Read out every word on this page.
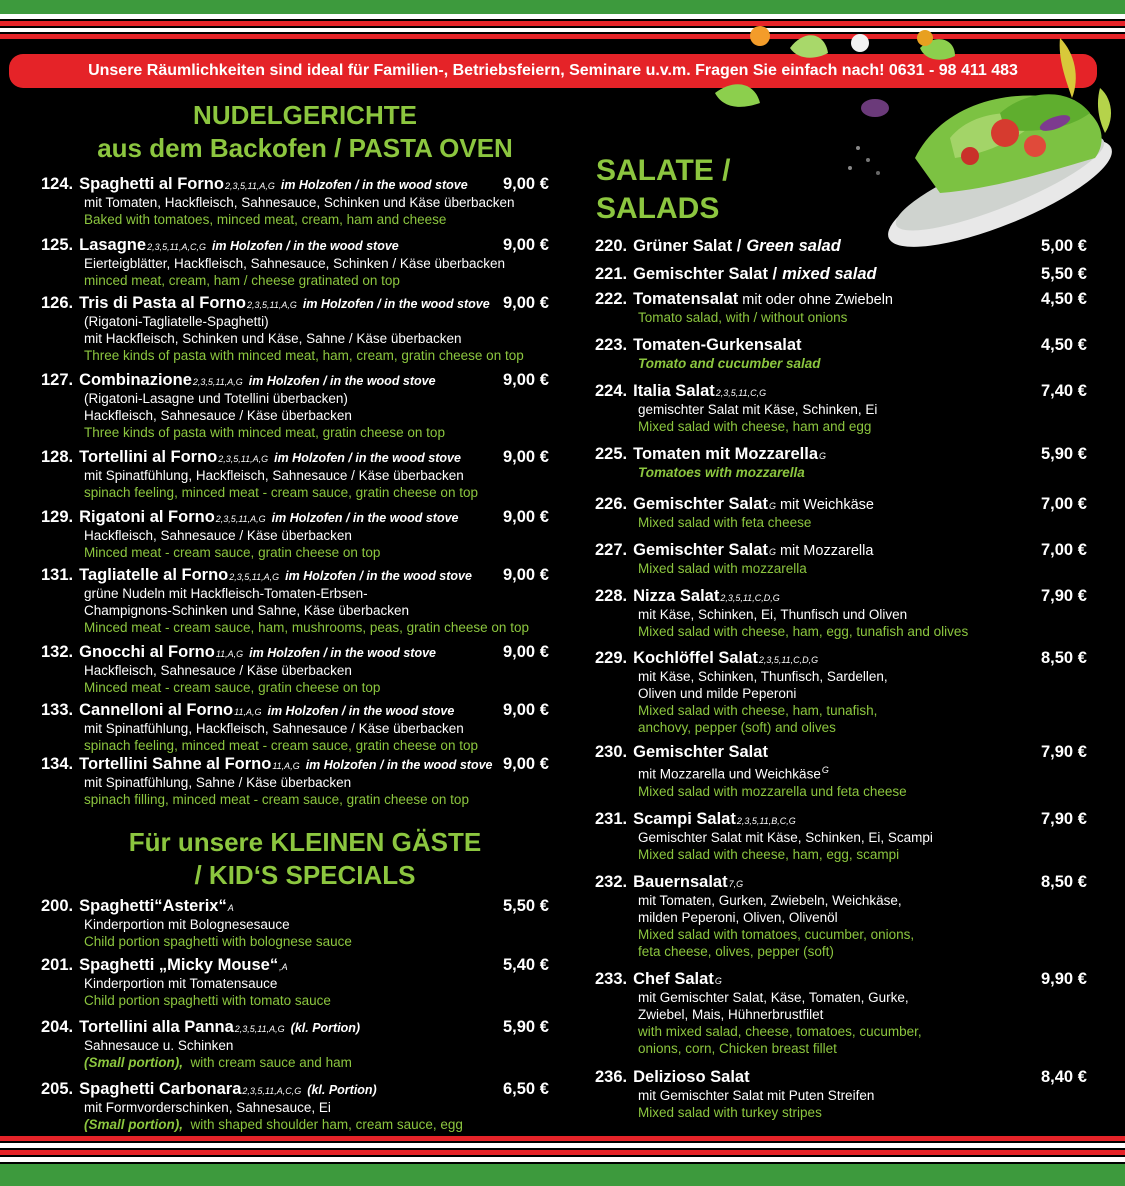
Unsere Räumlichkeiten sind ideal für Familien-, Betriebsfeiern, Seminare u.v.m. Fragen Sie einfach nach! 0631 - 98 411 483
NUDELGERICHTE
aus dem Backofen / PASTA OVEN
Für unsere KLEINEN GÄSTE
/ KID‘S SPECIALS
SALATE /
SALADS
124. Spaghetti al Forno 2,3,5,11,A,G im Holzofen / in the wood stove 9,00 €
mit Tomaten, Hackfleisch, Sahnesauce, Schinken und Käse überbacken
Baked with tomatoes, minced meat, cream, ham and cheese
125. Lasagne 2,3,5,11,A,C,G im Holzofen / in the wood stove	9,00 €
Eierteigblätter, Hackfleisch, Sahnesauce, Schinken / Käse überbacken
minced meat, cream, ham / cheese gratinated on top
126. Tris di Pasta al Forno 2,3,5,11,A,G im Holzofen / in the wood stove 9,00 €
(Rigatoni-Tagliatelle-Spaghetti)
mit Hackfleisch, Schinken und Käse, Sahne / Käse überbacken
Three kinds of pasta with minced meat, ham, cream, gratin cheese on top
127. Combinazione 2,3,5,11,A,G im Holzofen / in the wood stove	9,00 €
(Rigatoni-Lasagne und Totellini überbacken)
Hackfleisch, Sahnesauce / Käse überbacken
Three kinds of pasta with minced meat, gratin cheese on top
128. Tortellini al Forno 2,3,5,11,A,G im Holzofen / in the wood stove	9,00 €
mit Spinatfühlung, Hackfleisch, Sahnesauce / Käse überbacken
spinach feeling, minced meat - cream sauce, gratin cheese on top
129. Rigatoni al Forno 2,3,5,11,A,G im Holzofen / in the wood stove	9,00 €
Hackfleisch, Sahnesauce / Käse überbacken
Minced meat - cream sauce, gratin cheese on top
131. Tagliatelle al Forno 2,3,5,11,A,G im Holzofen / in the wood stove 9,00 €
grüne Nudeln mit Hackfleisch-Tomaten-Erbsen-
Champignons-Schinken und Sahne, Käse überbacken
Minced meat - cream sauce, ham, mushrooms, peas, gratin cheese on top
132. Gnocchi al Forno 11,A,G im Holzofen / in the wood stove	9,00 €
Hackfleisch, Sahnesauce / Käse überbacken
Minced meat - cream sauce, gratin cheese on top
133. Cannelloni al Forno 11,A,G im Holzofen / in the wood stove	9,00 €
mit Spinatfühlung, Hackfleisch, Sahnesauce / Käse überbacken
spinach feeling, minced meat - cream sauce, gratin cheese on top
134. Tortellini Sahne al Forno 11,A,G im Holzofen / in the wood stove 9,00 €
mit Spinatfühlung, Sahne / Käse überbacken
spinach filling, minced meat - cream sauce, gratin cheese on top
200. Spaghetti“Asterix“ A	5,50 €
Kinderportion mit Bolognesesauce
Child portion spaghetti with bolognese sauce
201. Spaghetti „Micky Mouse“ ,A	5,40 €
Kinderportion mit Tomatensauce
Child portion spaghetti with tomato sauce
204. Tortellini alla Panna 2,3,5,11,A,G (kl. Portion)	5,90 €
Sahnesauce u. Schinken
(Small portion),  with cream sauce and ham
205. Spaghetti Carbonara 2,3,5,11,A,C,G (kl. Portion)	6,50 €
mit Formvorderschinken, Sahnesauce, Ei
(Small portion),  with shaped shoulder ham, cream sauce, egg
220. Grüner Salat / Green salad	5,00 €
221. Gemischter Salat / mixed salad	5,50 €
222. Tomatensalat mit oder ohne Zwiebeln	4,50 €
Tomato salad, with / without onions
223. Tomaten-Gurkensalat	4,50 €
Tomato and cucumber salad
224. Italia Salat 2,3,5,11,C,G	7,40 €
gemischter Salat mit Käse, Schinken, Ei
Mixed salad with cheese, ham and egg
225. Tomaten mit Mozzarella G	5,90 €
Tomatoes with mozzarella
226. Gemischter Salat G mit Weichkäse	7,00 €
Mixed salad with feta cheese
227. Gemischter Salat G mit Mozzarella	7,00 €
Mixed salad with mozzarella
228. Nizza Salat 2,3,5,11,C,D,G	7,90 €
mit Käse, Schinken, Ei, Thunfisch und Oliven
Mixed salad with cheese, ham, egg, tunafish and olives
229. Kochlöffel Salat 2,3,5,11,C,D,G	8,50 €
mit Käse, Schinken, Thunfisch, Sardellen,
Oliven und milde Peperoni
Mixed salad with cheese, ham, tunafish,
anchovy, pepper (soft) and olives
230. Gemischter Salat	7,90 €
mit Mozzarella und Weichkäse$^G$
Mixed salad with mozzarella und feta cheese
231. Scampi Salat 2,3,5,11,B,C,G	7,90 €
Gemischter Salat mit Käse, Schinken, Ei, Scampi
Mixed salad with cheese, ham, egg, scampi
232. Bauernsalat 7,G	8,50 €
mit Tomaten, Gurken, Zwiebeln, Weichkäse,
milden Peperoni, Oliven, Olivenöl
Mixed salad with tomatoes, cucumber, onions,
feta cheese, olives, pepper (soft)
233. Chef Salat G	9,90 €
mit Gemischter Salat, Käse, Tomaten, Gurke,
Zwiebel, Mais, Hühnerbrustfilet
with mixed salad, cheese, tomatoes, cucumber,
onions, corn, Chicken breast fillet
236. Delizioso Salat	8,40 €
mit Gemischter Salat mit Puten Streifen
Mixed salad with turkey stripes
